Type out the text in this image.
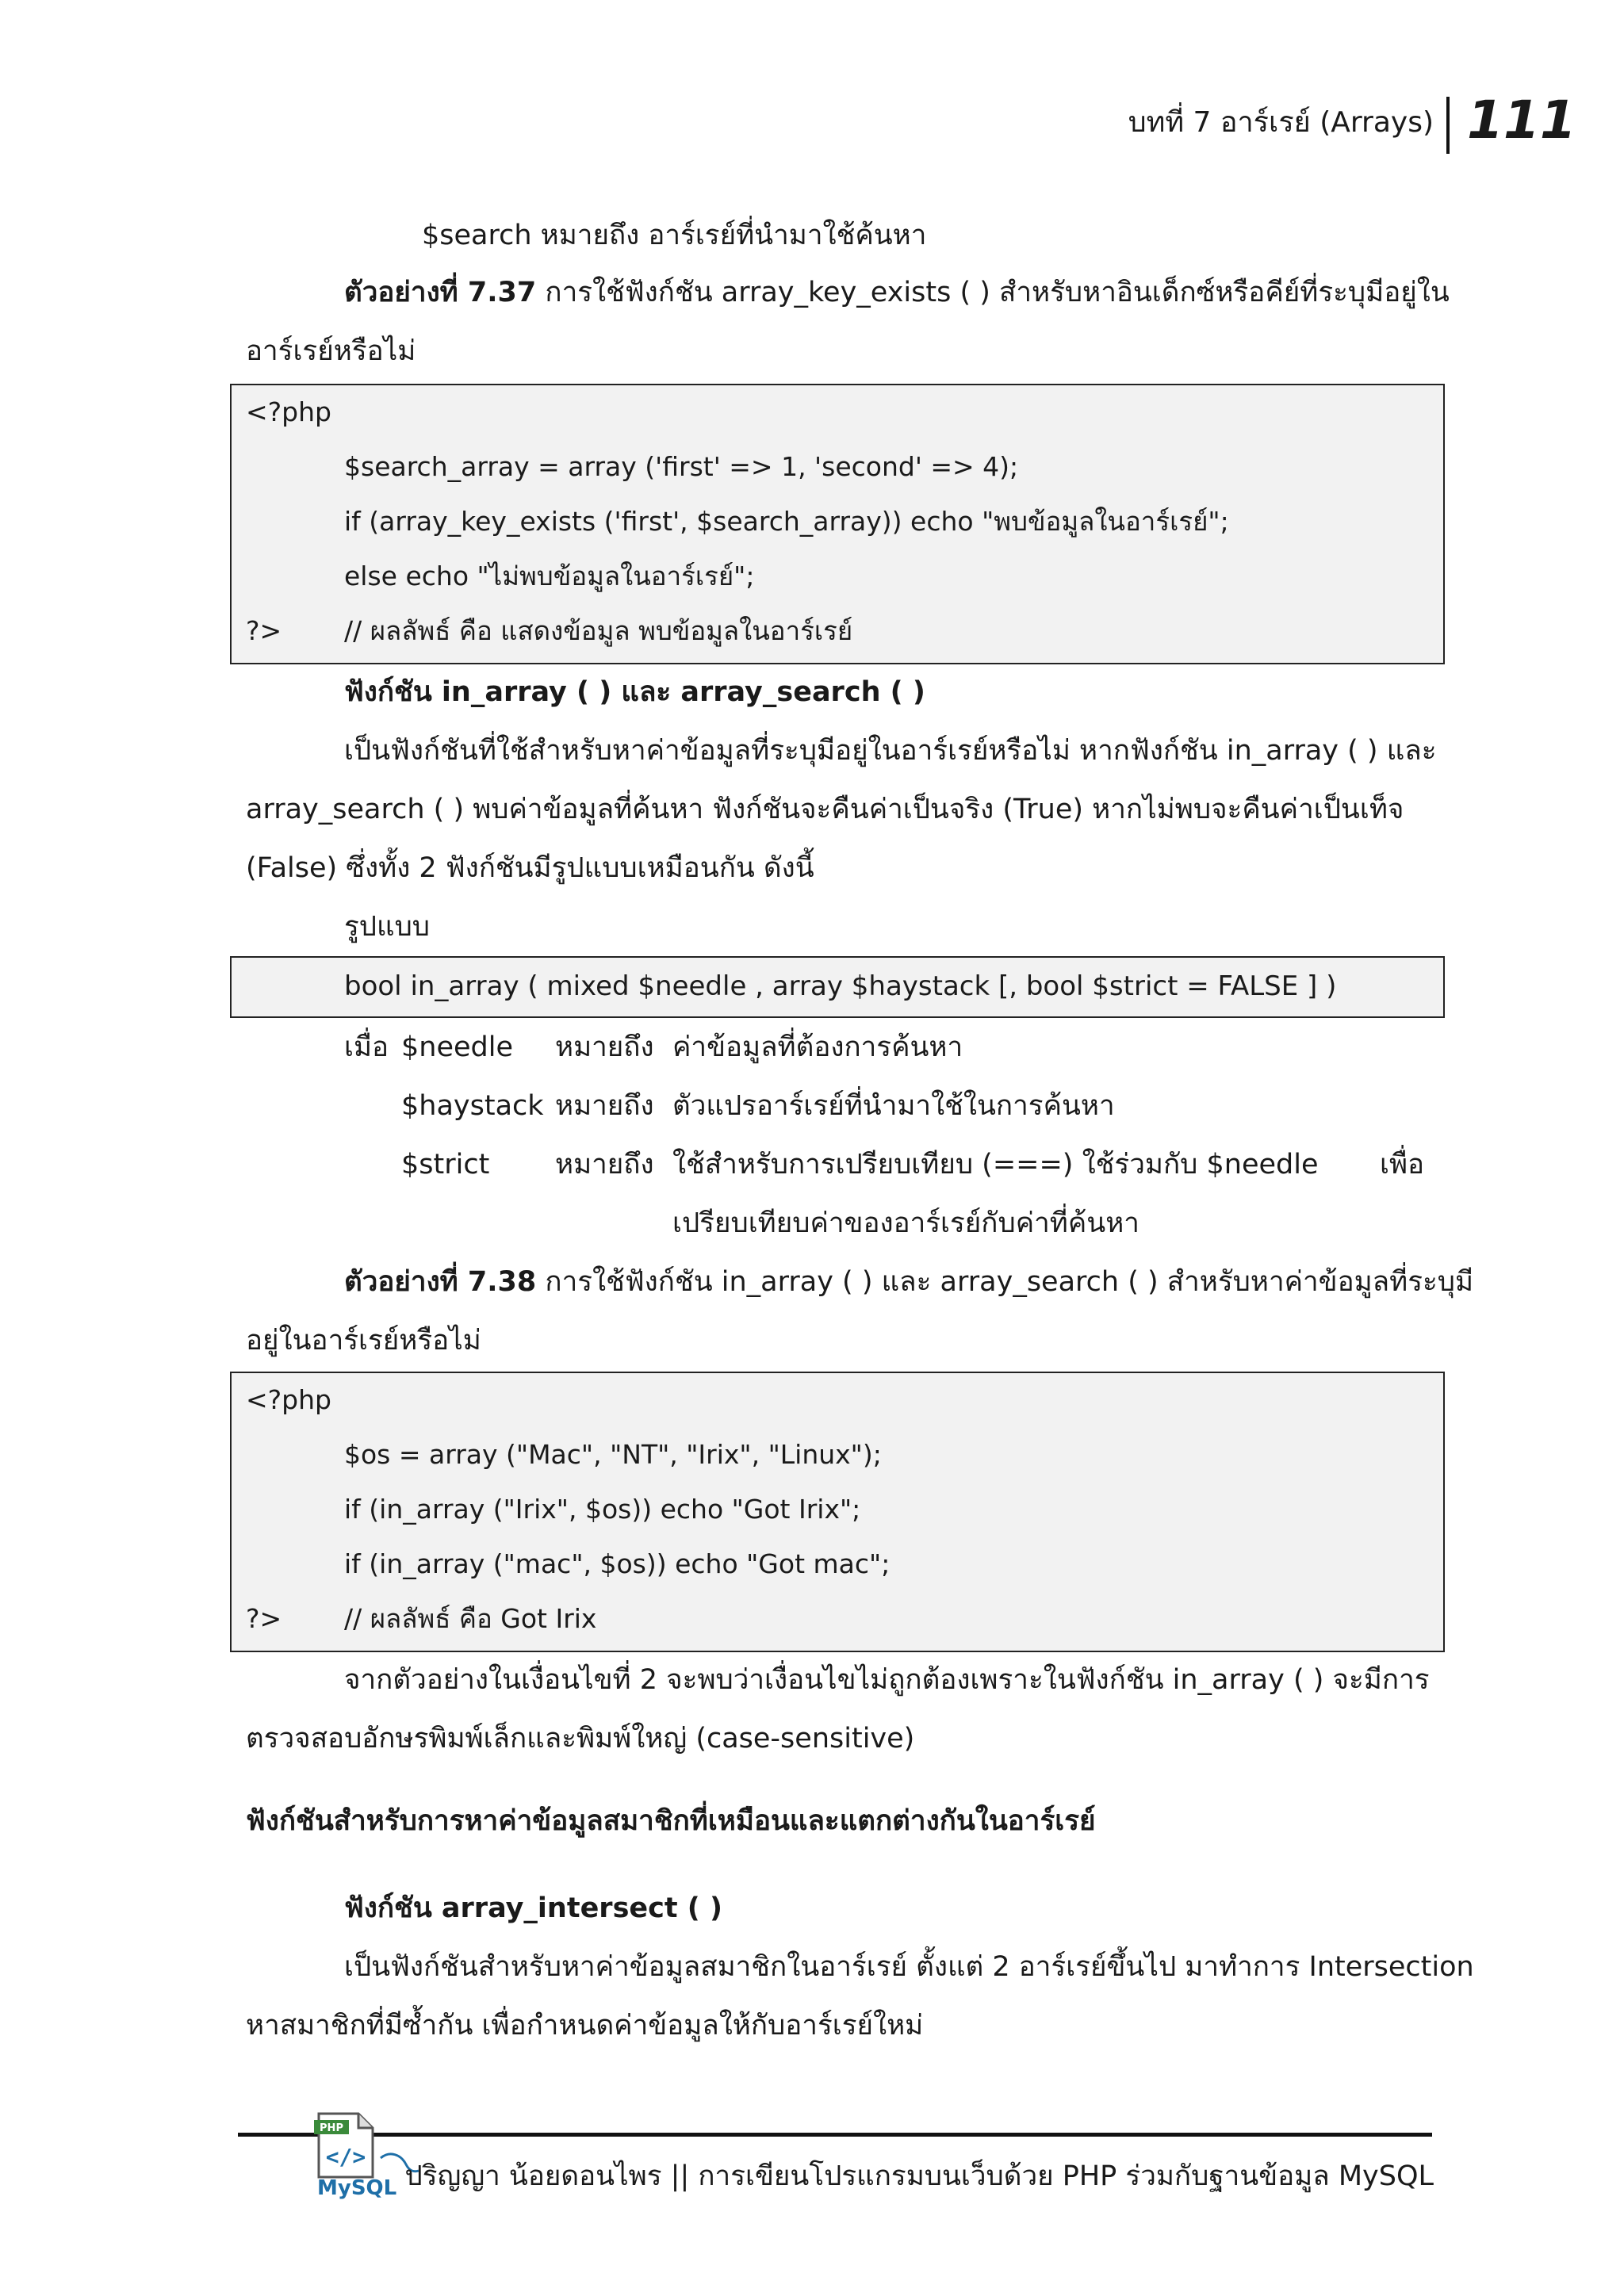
บทที่ 7 อาร์เรย์ (Arrays) 111
$search หมายถึง อาร์เรย์ที่นำมาใช้ค้นหา
ตัวอย่างที่ 7.37 การใช้ฟังก์ชัน array_key_exists ( ) สำหรับหาอินเด็กซ์หรือคีย์ที่ระบุมีอยู่ใน
อาร์เรย์หรือไม่
<?php
$search_array = array ('first' => 1, 'second' => 4);
if (array_key_exists ('first', $search_array)) echo "พบข้อมูลในอาร์เรย์";
else echo "ไม่พบข้อมูลในอาร์เรย์";
?> // ผลลัพธ์ คือ แสดงข้อมูล พบข้อมูลในอาร์เรย์
ฟังก์ชัน in_array ( ) และ array_search ( )
เป็นฟังก์ชันที่ใช้สำหรับหาค่าข้อมูลที่ระบุมีอยู่ในอาร์เรย์หรือไม่ หากฟังก์ชัน in_array ( ) และ
array_search ( ) พบค่าข้อมูลที่ค้นหา ฟังก์ชันจะคืนค่าเป็นจริง (True) หากไม่พบจะคืนค่าเป็นเท็จ
(False) ซึ่งทั้ง 2 ฟังก์ชันมีรูปแบบเหมือนกัน ดังนี้
รูปแบบ
bool in_array ( mixed $needle , array $haystack [, bool $strict = FALSE ] )
เมื่อ $needle หมายถึง ค่าข้อมูลที่ต้องการค้นหา
$haystack หมายถึง ตัวแปรอาร์เรย์ที่นำมาใช้ในการค้นหา
$strict หมายถึง ใช้สำหรับการเปรียบเทียบ (===) ใช้ร่วมกับ $needle เพื่อ
เปรียบเทียบค่าของอาร์เรย์กับค่าที่ค้นหา
ตัวอย่างที่ 7.38 การใช้ฟังก์ชัน in_array ( ) และ array_search ( ) สำหรับหาค่าข้อมูลที่ระบุมี
อยู่ในอาร์เรย์หรือไม่
<?php
$os = array ("Mac", "NT", "Irix", "Linux");
if (in_array ("Irix", $os)) echo "Got Irix";
if (in_array ("mac", $os)) echo "Got mac";
?> // ผลลัพธ์ คือ Got Irix
จากตัวอย่างในเงื่อนไขที่ 2 จะพบว่าเงื่อนไขไม่ถูกต้องเพราะในฟังก์ชัน in_array ( ) จะมีการ
ตรวจสอบอักษรพิมพ์เล็กและพิมพ์ใหญ่ (case-sensitive)
ฟังก์ชันสำหรับการหาค่าข้อมูลสมาชิกที่เหมือนและแตกต่างกันในอาร์เรย์
ฟังก์ชัน array_intersect ( )
เป็นฟังก์ชันสำหรับหาค่าข้อมูลสมาชิกในอาร์เรย์ ตั้งแต่ 2 อาร์เรย์ขึ้นไป มาทำการ Intersection
หาสมาชิกที่มีซ้ำกัน เพื่อกำหนดค่าข้อมูลให้กับอาร์เรย์ใหม่
PHP
</>
MySQL ปริญญา น้อยดอนไพร || การเขียนโปรแกรมบนเว็บด้วย PHP ร่วมกับฐานข้อมูล MySQL
